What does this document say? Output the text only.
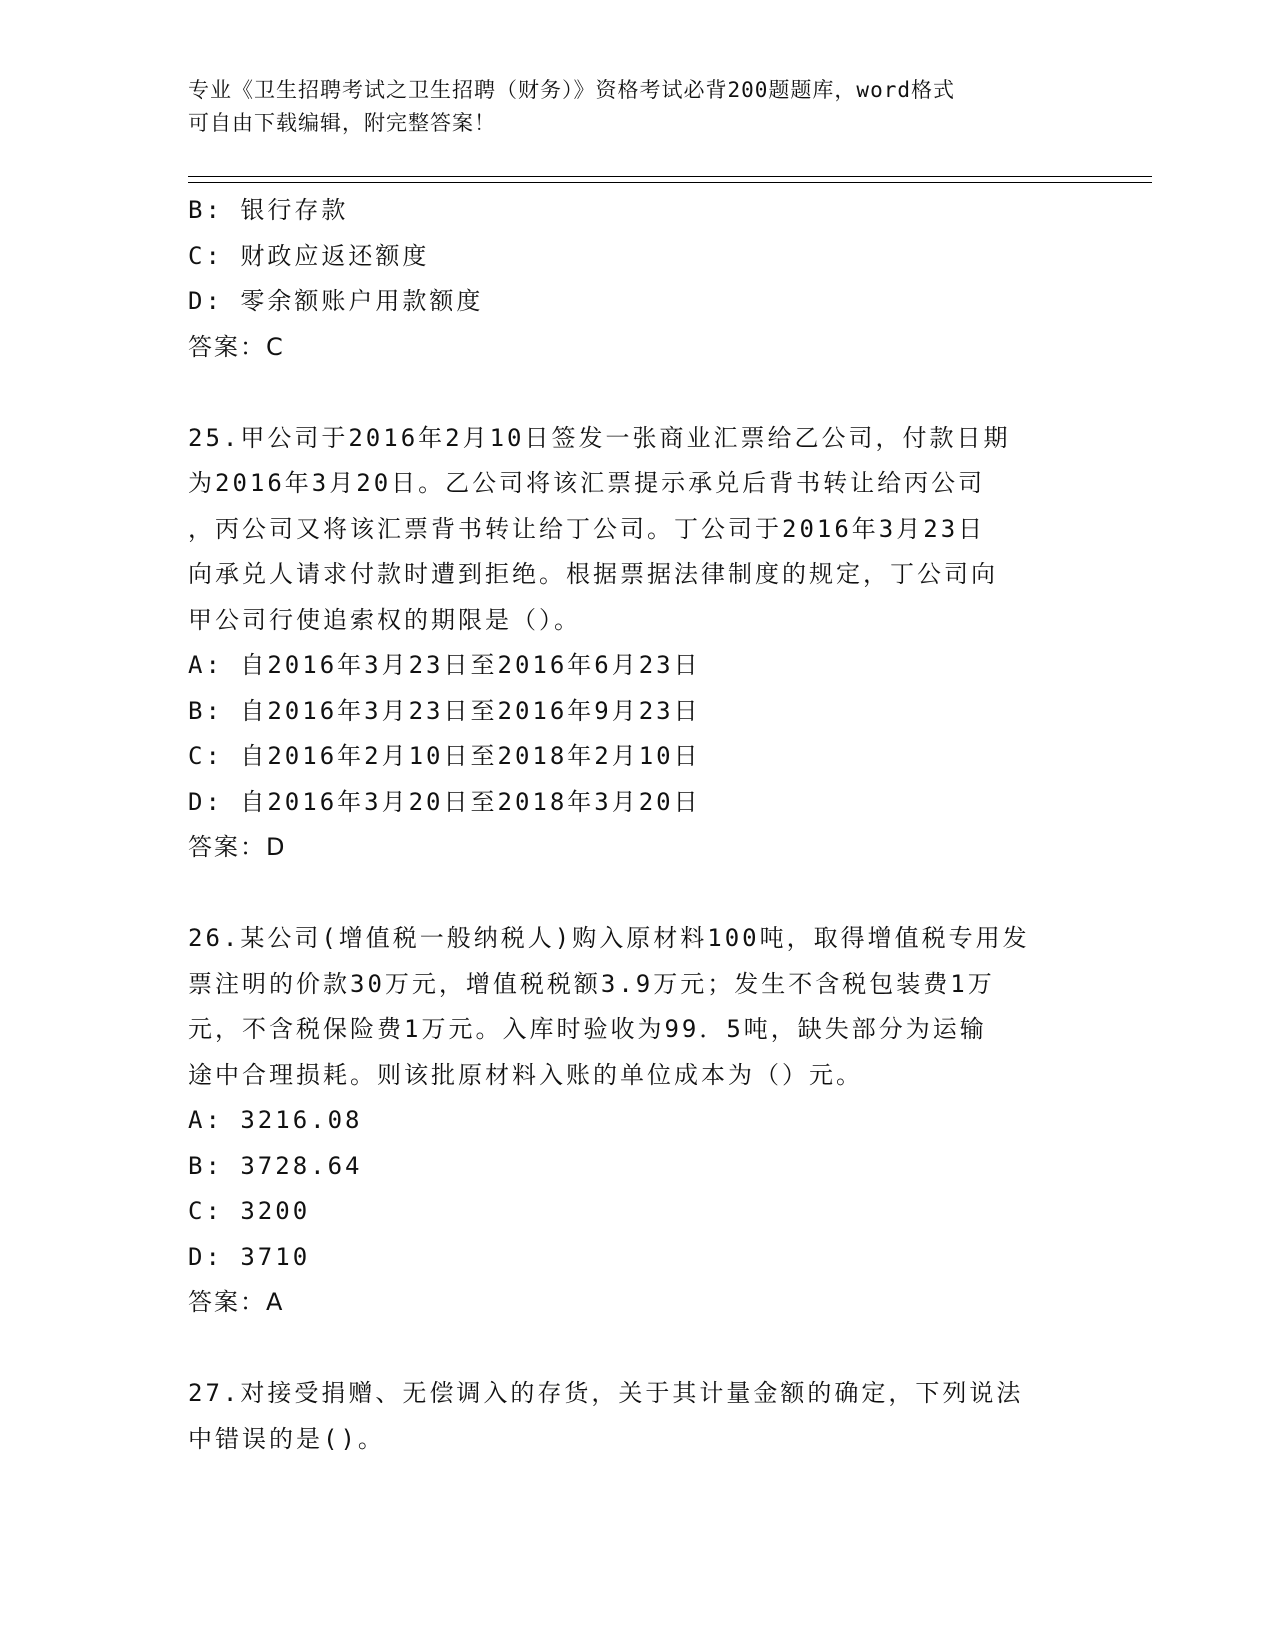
专业《卫生招聘考试之卫生招聘（财务）》资格考试必背200题题库，word格式
可自由下载编辑，附完整答案！
B: 银行存款
C: 财政应返还额度
D: 零余额账户用款额度
答案：C
25.甲公司于2016年2月10日签发一张商业汇票给乙公司，付款日期
为2016年3月20日。乙公司将该汇票提示承兑后背书转让给丙公司
，丙公司又将该汇票背书转让给丁公司。丁公司于2016年3月23日
向承兑人请求付款时遭到拒绝。根据票据法律制度的规定，丁公司向
甲公司行使追索权的期限是（）。
A: 自2016年3月23日至2016年6月23日
B: 自2016年3月23日至2016年9月23日
C: 自2016年2月10日至2018年2月10日
D: 自2016年3月20日至2018年3月20日
答案：D
26.某公司(增值税一般纳税人)购入原材料100吨，取得增值税专用发
票注明的价款30万元，增值税税额3.9万元；发生不含税包装费1万
元，不含税保险费1万元。入库时验收为99．5吨，缺失部分为运输
途中合理损耗。则该批原材料入账的单位成本为（）元。
A: 3216.08
B: 3728.64
C: 3200
D: 3710
答案：A
27.对接受捐赠、无偿调入的存货，关于其计量金额的确定，下列说法
中错误的是()。
